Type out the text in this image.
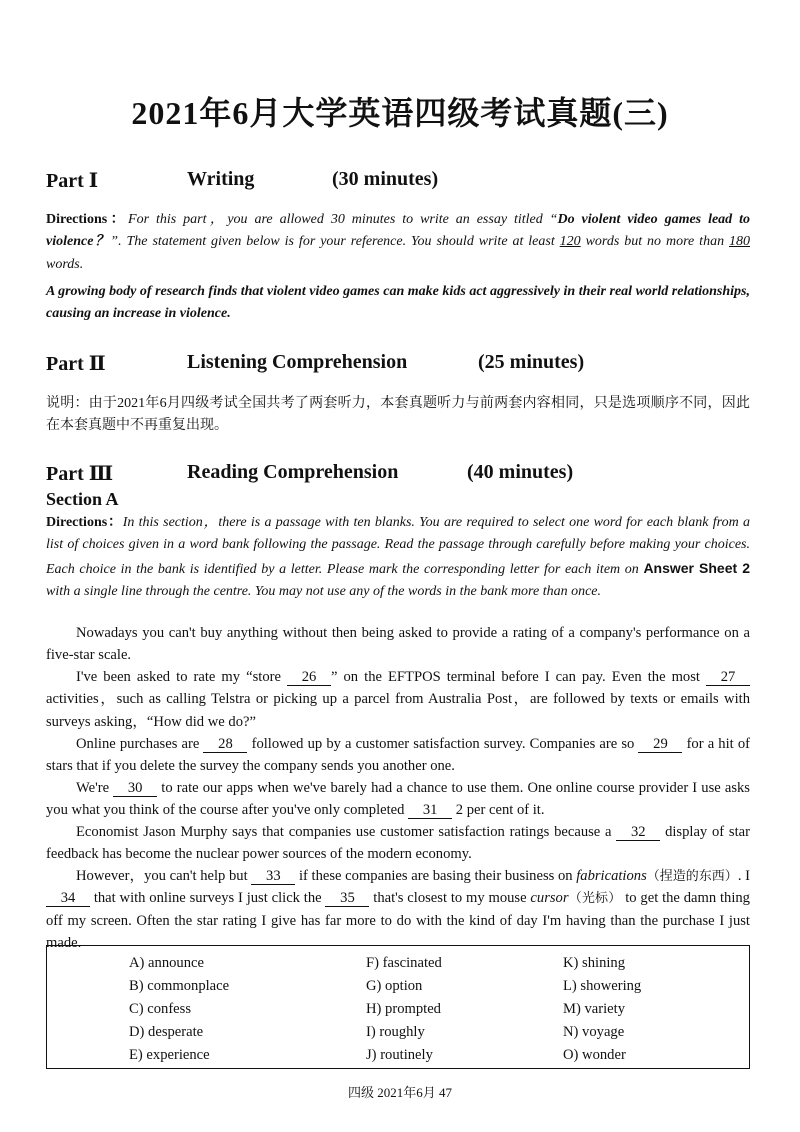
2021年6月大学英语四级考试真题(三)
Part Ⅰ	Writing	(30 minutes)
Directions：For this part，you are allowed 30 minutes to write an essay titled “Do violent video games lead to violence？”. The statement given below is for your reference. You should write at least 120 words but no more than 180 words.
A growing body of research finds that violent video games can make kids act aggressively in their real world relationships, causing an increase in violence.
Part Ⅱ	Listening Comprehension	(25 minutes)
说明：由于2021年6月四级考试全国共考了两套听力，本套真题听力与前两套内容相同，只是选项顺序不同，因此在本套真题中不再重复出现。
Part Ⅲ	Reading Comprehension	(40 minutes)
Section A
Directions：In this section，there is a passage with ten blanks. You are required to select one word for each blank from a list of choices given in a word bank following the passage. Read the passage through carefully before making your choices. Each choice in the bank is identified by a letter. Please mark the corresponding letter for each item on Answer Sheet 2 with a single line through the centre. You may not use any of the words in the bank more than once.
Nowadays you can't buy anything without then being asked to provide a rating of a company's performance on a five-star scale.
I've been asked to rate my “store 26 ” on the EFTPOS terminal before I can pay. Even the most 27 activities，such as calling Telstra or picking up a parcel from Australia Post，are followed by texts or emails with surveys asking，“How did we do?”
Online purchases are 28 followed up by a customer satisfaction survey. Companies are so 29 for a hit of stars that if you delete the survey the company sends you another one.
We're 30 to rate our apps when we've barely had a chance to use them. One online course provider I use asks you what you think of the course after you've only completed 31 2 per cent of it.
Economist Jason Murphy says that companies use customer satisfaction ratings because a 32 display of star feedback has become the nuclear power sources of the modern economy.
However，you can't help but 33 if these companies are basing their business on fabrications（捏造的东西）. I 34 that with online surveys I just click the 35 that's closest to my mouse cursor（光标） to get the damn thing off my screen. Often the star rating I give has far more to do with the kind of day I'm having than the purchase I just made.
A) announce	F) fascinated	K) shining
B) commonplace	G) option	L) showering
C) confess	H) prompted	M) variety
D) desperate	I) roughly	N) voyage
E) experience	J) routinely	O) wonder
四级 2021年6月 47
